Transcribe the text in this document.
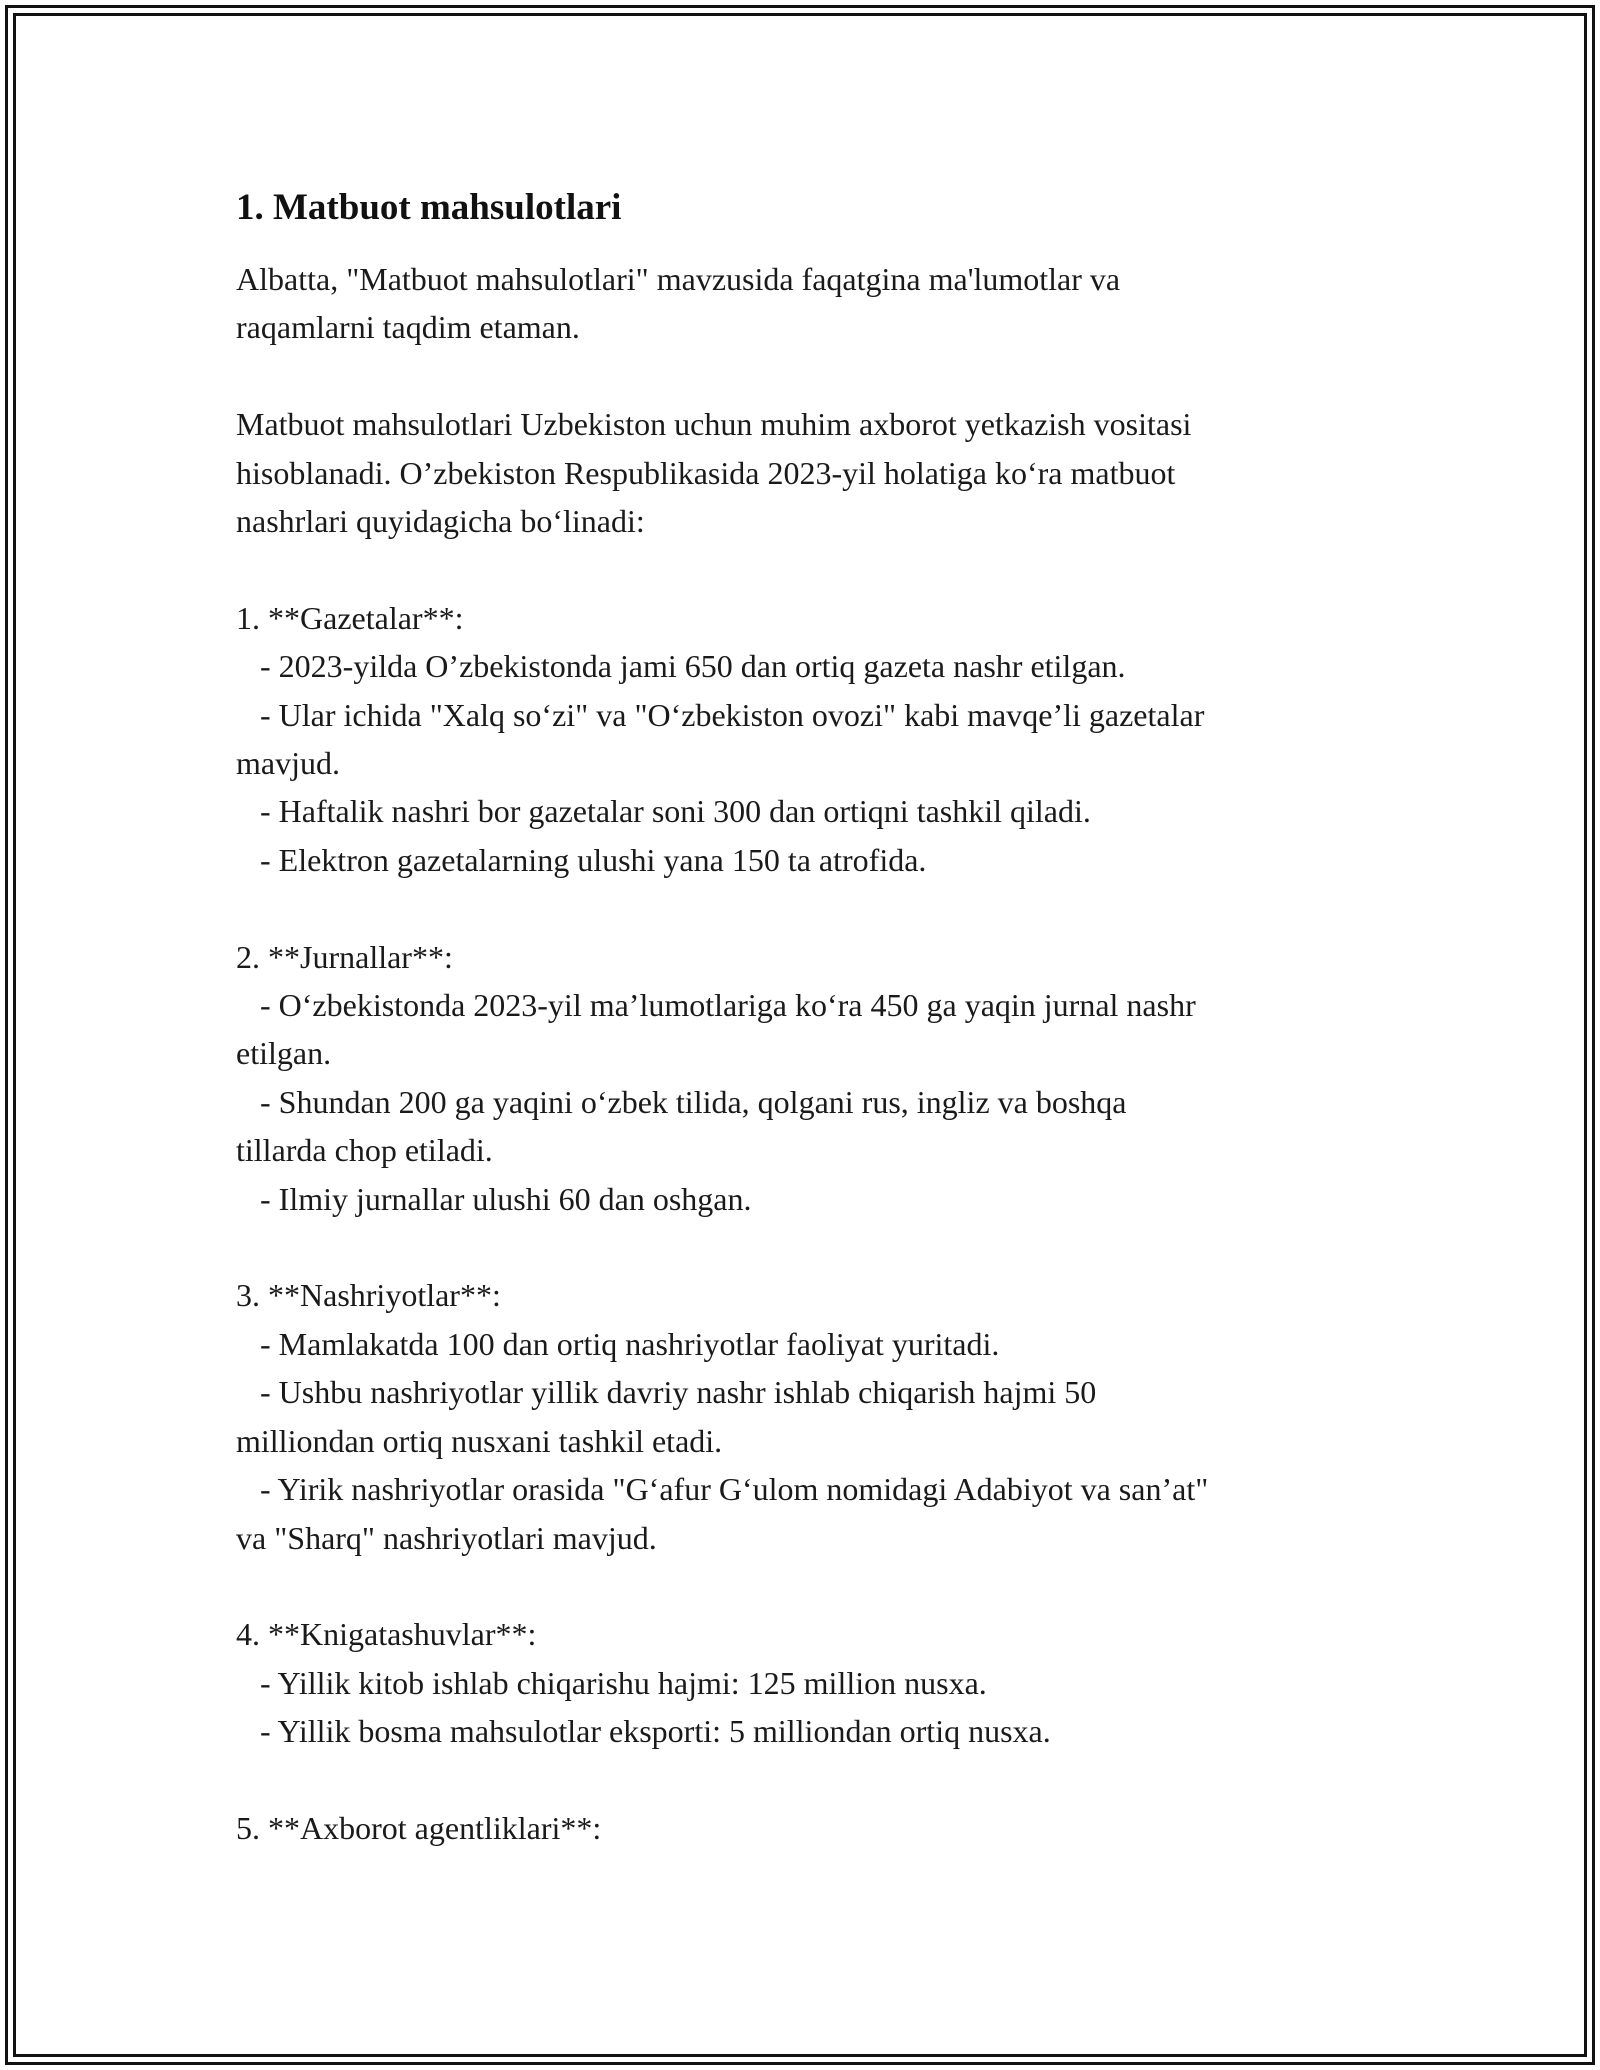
1. Matbuot mahsulotlari
Albatta, "Matbuot mahsulotlari" mavzusida faqatgina ma'lumotlar va
raqamlarni taqdim etaman.
Matbuot mahsulotlari Uzbekiston uchun muhim axborot yetkazish vositasi
hisoblanadi. O’zbekiston Respublikasida 2023-yil holatiga ko‘ra matbuot
nashrlari quyidagicha bo‘linadi:
1. **Gazetalar**:
- 2023-yilda O’zbekistonda jami 650 dan ortiq gazeta nashr etilgan.
- Ular ichida "Xalq so‘zi" va "O‘zbekiston ovozi" kabi mavqe’li gazetalar
mavjud.
- Haftalik nashri bor gazetalar soni 300 dan ortiqni tashkil qiladi.
- Elektron gazetalarning ulushi yana 150 ta atrofida.
2. **Jurnallar**:
- O‘zbekistonda 2023-yil ma’lumotlariga ko‘ra 450 ga yaqin jurnal nashr
etilgan.
- Shundan 200 ga yaqini o‘zbek tilida, qolgani rus, ingliz va boshqa
tillarda chop etiladi.
- Ilmiy jurnallar ulushi 60 dan oshgan.
3. **Nashriyotlar**:
- Mamlakatda 100 dan ortiq nashriyotlar faoliyat yuritadi.
- Ushbu nashriyotlar yillik davriy nashr ishlab chiqarish hajmi 50
milliondan ortiq nusxani tashkil etadi.
- Yirik nashriyotlar orasida "G‘afur G‘ulom nomidagi Adabiyot va san’at"
va "Sharq" nashriyotlari mavjud.
4. **Knigatashuvlar**:
- Yillik kitob ishlab chiqarishu hajmi: 125 million nusxa.
- Yillik bosma mahsulotlar eksporti: 5 milliondan ortiq nusxa.
5. **Axborot agentliklari**:
